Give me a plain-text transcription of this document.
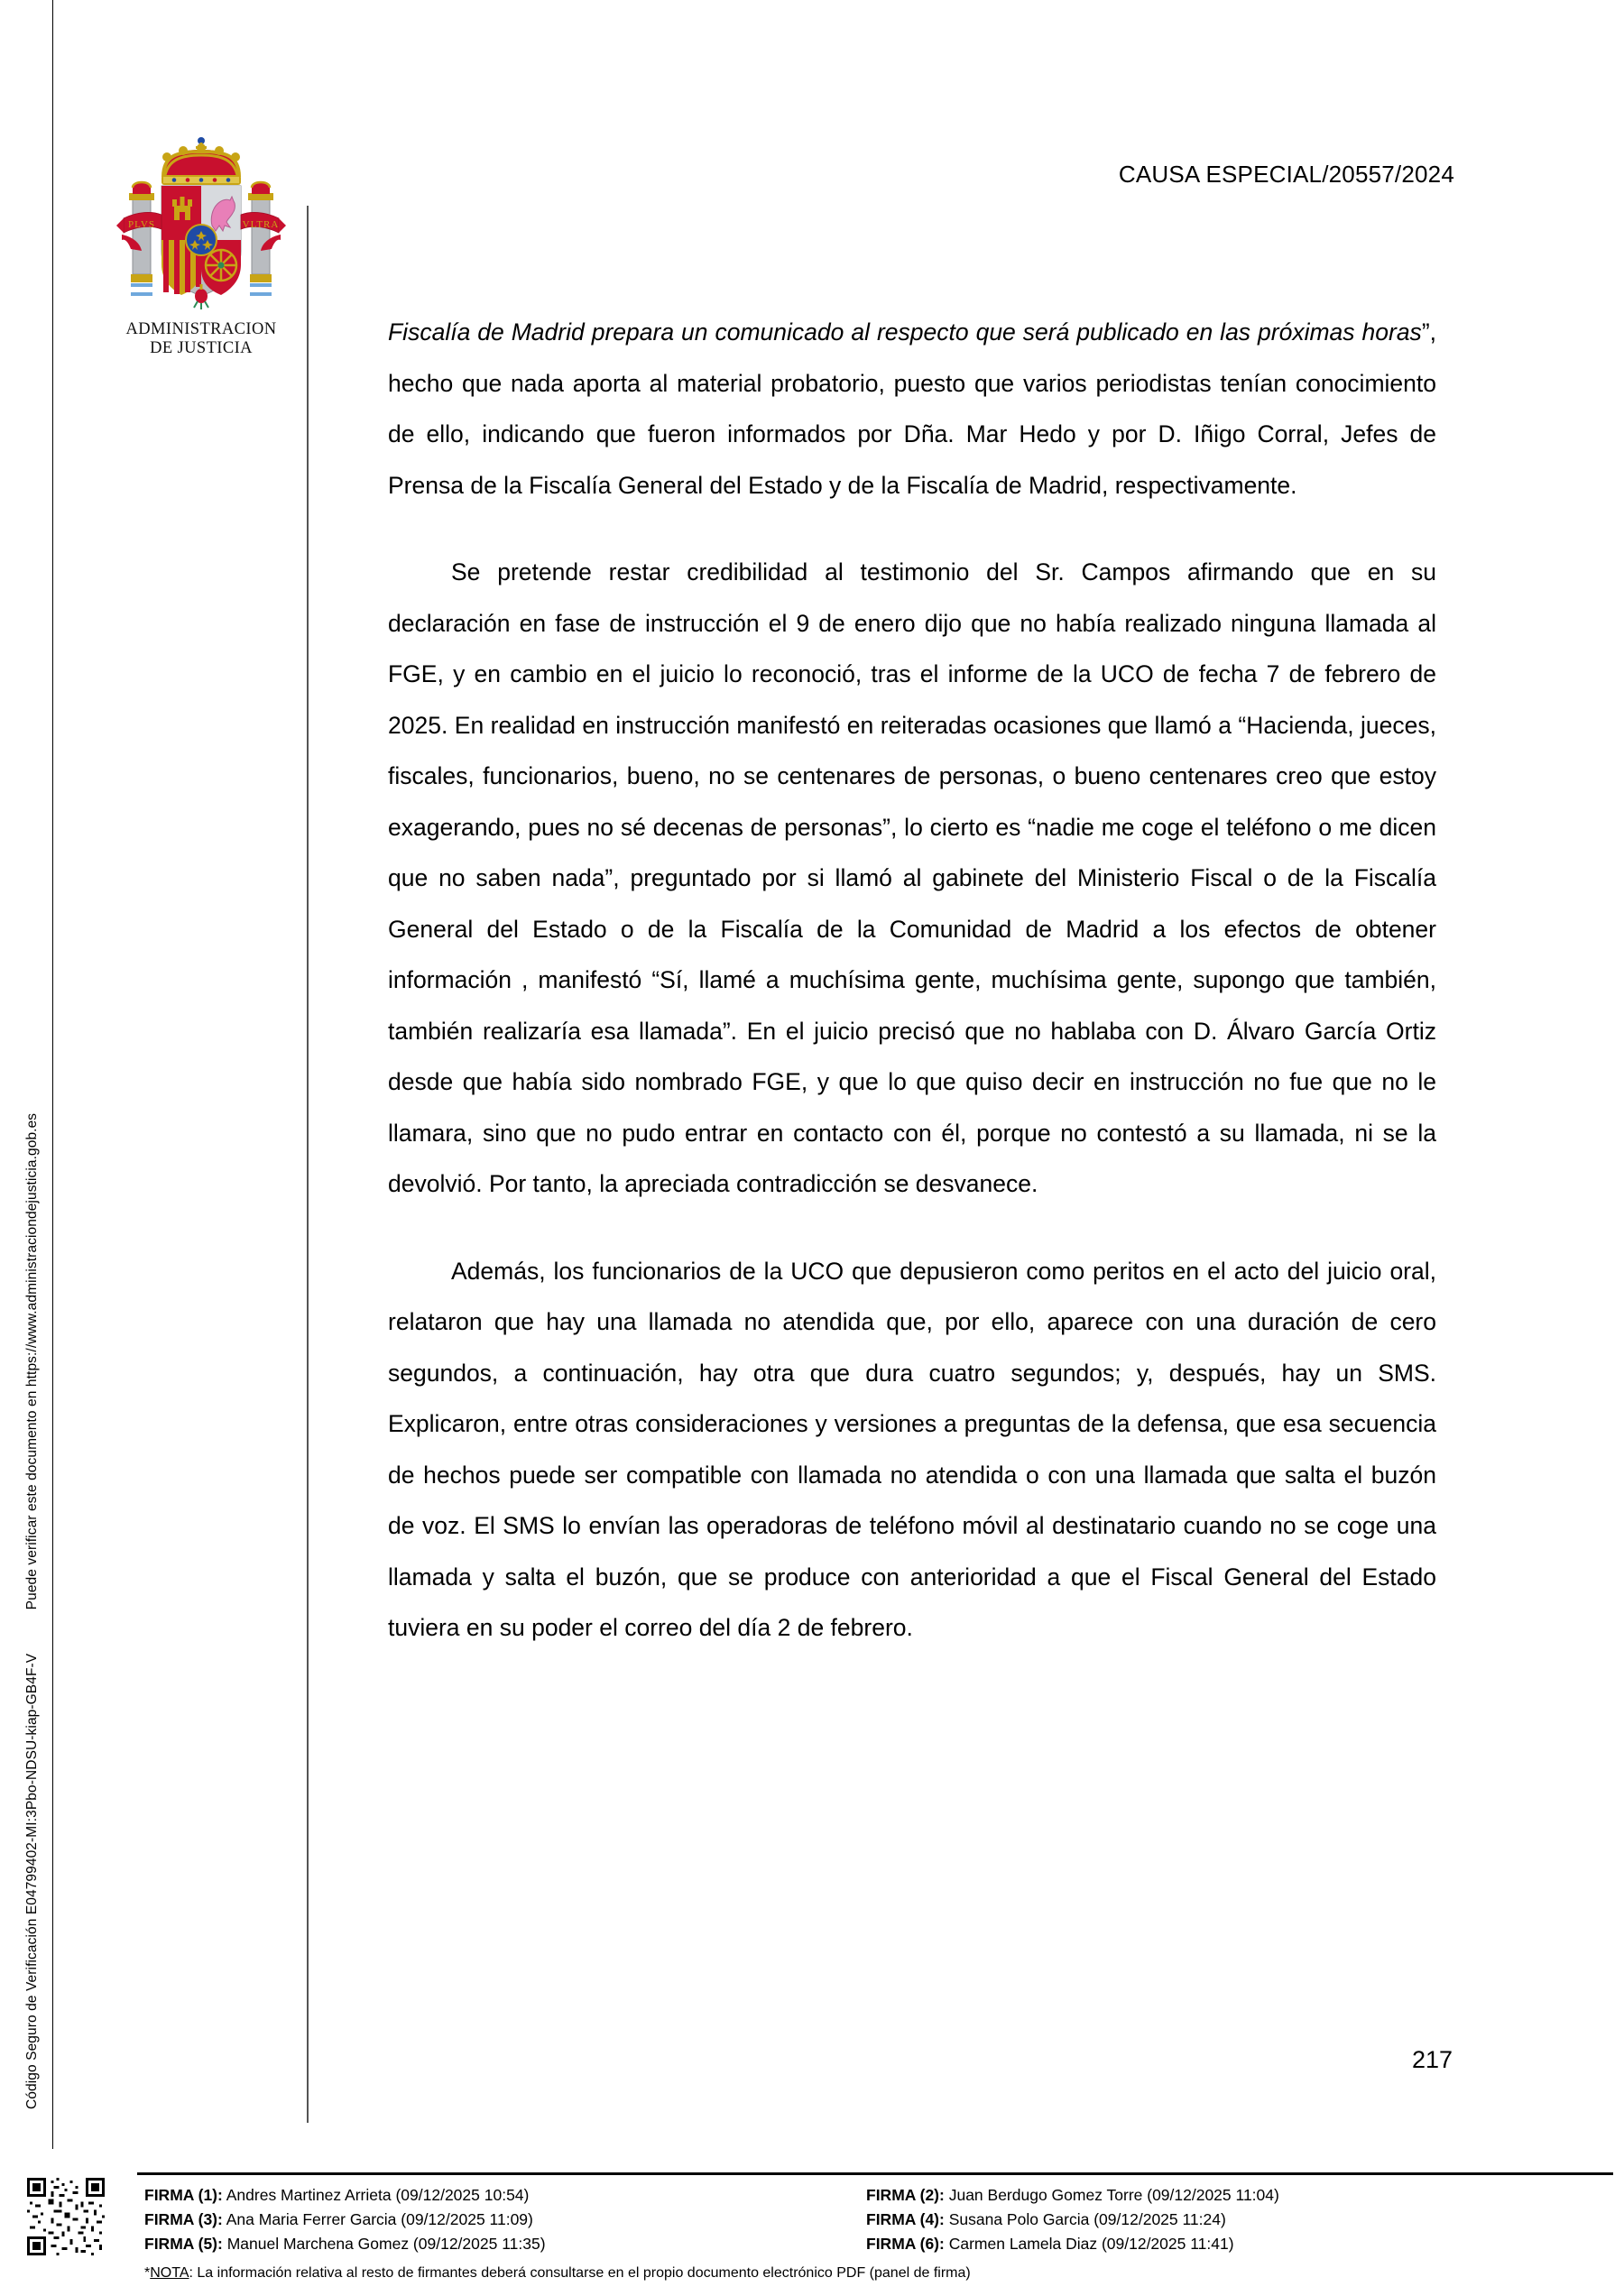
Código Seguro de Verificación E04799402-MI:3Pbo-NDSU-kiap-GB4F-V Puede verificar este documento en https://www.administraciondejusticia.gob.es
PLVS	VLTRA
ADMINISTRACION
DE JUSTICIA
CAUSA ESPECIAL/20557/2024

Fiscalía de Madrid prepara un comunicado al respecto que será publicado en las próximas horas”, hecho que nada aporta al material probatorio, puesto que varios periodistas tenían conocimiento de ello, indicando que fueron informados por Dña. Mar Hedo y por D. Iñigo Corral, Jefes de Prensa de la Fiscalía General del Estado y de la Fiscalía de Madrid, respectivamente.

Se pretende restar credibilidad al testimonio del Sr. Campos afirmando que en su declaración en fase de instrucción el 9 de enero dijo que no había realizado ninguna llamada al FGE, y en cambio en el juicio lo reconoció, tras el informe de la UCO de fecha 7 de febrero de 2025. En realidad en instrucción manifestó en reiteradas ocasiones que llamó a “Hacienda, jueces, fiscales, funcionarios, bueno, no se centenares de personas, o bueno centenares creo que estoy exagerando, pues no sé decenas de personas”, lo cierto es “nadie me coge el teléfono o me dicen que no saben nada”, preguntado por si llamó al gabinete del Ministerio Fiscal o de la Fiscalía General del Estado o de la Fiscalía de la Comunidad de Madrid a los efectos de obtener información , manifestó “Sí, llamé a muchísima gente, muchísima gente, supongo que también, también realizaría esa llamada”. En el juicio precisó que no hablaba con D. Álvaro García Ortiz desde que había sido nombrado FGE, y que lo que quiso decir en instrucción no fue que no le llamara, sino que no pudo entrar en contacto con él, porque no contestó a su llamada, ni se la devolvió. Por tanto, la apreciada contradicción se desvanece.

Además, los funcionarios de la UCO que depusieron como peritos en el acto del juicio oral, relataron que hay una llamada no atendida que, por ello, aparece con una duración de cero segundos, a continuación, hay otra que dura cuatro segundos; y, después, hay un SMS. Explicaron, entre otras consideraciones y versiones a preguntas de la defensa, que esa secuencia de hechos puede ser compatible con llamada no atendida o con una llamada que salta el buzón de voz. El SMS lo envían las operadoras de teléfono móvil al destinatario cuando no se coge una llamada y salta el buzón, que se produce con anterioridad a que el Fiscal General del Estado tuviera en su poder el correo del día 2 de febrero.

217
FIRMA (1): Andres Martinez Arrieta (09/12/2025 10:54)	FIRMA (2): Juan Berdugo Gomez Torre (09/12/2025 11:04)
FIRMA (3): Ana Maria Ferrer Garcia (09/12/2025 11:09)	FIRMA (4): Susana Polo Garcia (09/12/2025 11:24)
FIRMA (5): Manuel Marchena Gomez (09/12/2025 11:35)	FIRMA (6): Carmen Lamela Diaz (09/12/2025 11:41)
*NOTA: La información relativa al resto de firmantes deberá consultarse en el propio documento electrónico PDF (panel de firma)
